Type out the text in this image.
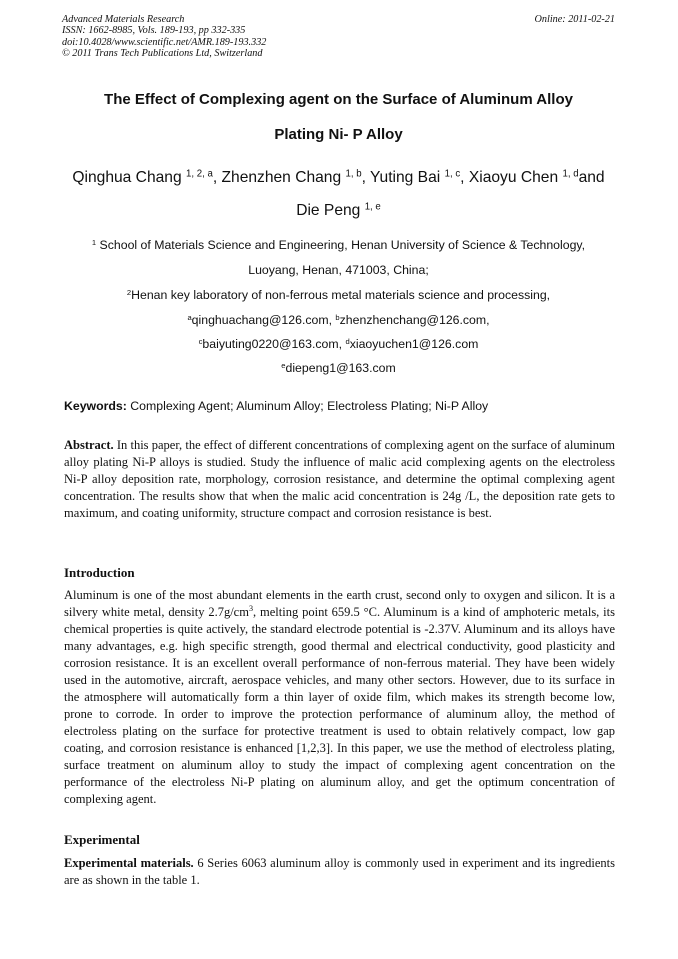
Advanced Materials Research
ISSN: 1662-8985, Vols. 189-193, pp 332-335
doi:10.4028/www.scientific.net/AMR.189-193.332
© 2011 Trans Tech Publications Ltd, Switzerland
Online: 2011-02-21
The Effect of Complexing agent on the Surface of Aluminum Alloy
Plating Ni- P Alloy
Qinghua Chang $^{1, 2, a}$, Zhenzhen Chang $^{1, b}$, Yuting Bai $^{1, c}$, Xiaoyu Chen $^{1, d}$and
Die Peng $^{1, e}$
$^1$ School of Materials Science and Engineering, Henan University of Science & Technology,
Luoyang, Henan, 471003, China;
$^2$Henan key laboratory of non-ferrous metal materials science and processing,
$^a$qinghuachang@126.com, $^b$zhenzhenchang@126.com,
$^c$baiyuting0220@163.com, $^d$xiaoyuchen1@126.com
$^e$diepeng1@163.com
Keywords: Complexing Agent; Aluminum Alloy; Electroless Plating; Ni-P Alloy
Abstract. In this paper, the effect of different concentrations of complexing agent on the surface of aluminum alloy plating Ni-P alloys is studied. Study the influence of malic acid complexing agents on the electroless Ni-P alloy deposition rate, morphology, corrosion resistance, and determine the optimal complexing agent concentration. The results show that when the malic acid concentration is 24g /L, the deposition rate gets to maximum, and coating uniformity, structure compact and corrosion resistance is best.
Introduction
Aluminum is one of the most abundant elements in the earth crust, second only to oxygen and silicon. It is a silvery white metal, density $2.7g/cm^3$, melting point 659.5 °C. Aluminum is a kind of amphoteric metals, its chemical properties is quite actively, the standard electrode potential is -2.37V. Aluminum and its alloys have many advantages, e.g. high specific strength, good thermal and electrical conductivity, good plasticity and corrosion resistance. It is an excellent overall performance of non-ferrous material. They have been widely used in the automotive, aircraft, aerospace vehicles, and many other sectors. However, due to its surface in the atmosphere will automatically form a thin layer of oxide film, which makes its strength become low, prone to corrode. In order to improve the protection performance of aluminum alloy, the method of electroless plating on the surface for protective treatment is used to obtain relatively compact, low gap coating, and corrosion resistance is enhanced [1,2,3]. In this paper, we use the method of electroless plating, surface treatment on aluminum alloy to study the impact of complexing agent concentration on the performance of the electroless Ni-P plating on aluminum alloy, and get the optimum concentration of complexing agent.
Experimental
Experimental materials. 6 Series 6063 aluminum alloy is commonly used in experiment and its ingredients are as shown in the table 1.
